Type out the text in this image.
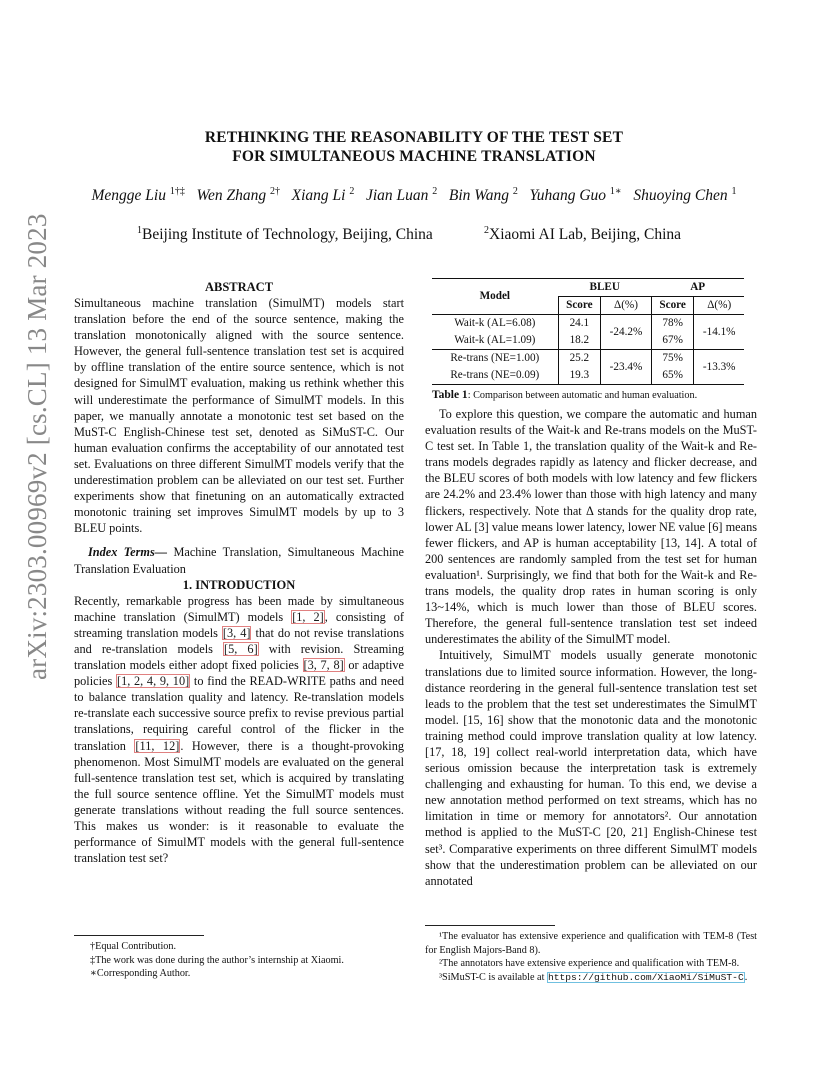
arXiv:2303.00969v2 [cs.CL] 13 Mar 2023
RETHINKING THE REASONABILITY OF THE TEST SET
FOR SIMULTANEOUS MACHINE TRANSLATION
Mengge Liu $^{1\dagger\ddagger}$ Wen Zhang $^{2\dagger}$ Xiang Li $^2$ Jian Luan $^2$ Bin Wang $^2$ Yuhang Guo $^{1∗}$ Shuoying Chen $^1$
$^1$Beijing Institute of Technology, Beijing, China	$^2$Xiaomi AI Lab, Beijing, China

ABSTRACT

Simultaneous machine translation (SimulMT) models start translation before the end of the source sentence, making the translation monotonically aligned with the source sentence. However, the general full-sentence translation test set is acquired by offline translation of the entire source sentence, which is not designed for SimulMT evaluation, making us rethink whether this will underestimate the performance of SimulMT models. In this paper, we manually annotate a monotonic test set based on the MuST-C English-Chinese test set, denoted as SiMuST-C. Our human evaluation confirms the acceptability of our annotated test set. Evaluations on three different SimulMT models verify that the underestimation problem can be alleviated on our test set. Further experiments show that finetuning on an automatically extracted monotonic training set improves SimulMT models by up to 3 BLEU points.

Index Terms— Machine Translation, Simultaneous Machine Translation Evaluation

1. INTRODUCTION

Recently, remarkable progress has been made by simultaneous machine translation (SimulMT) models [1, 2], consisting of streaming translation models [3, 4] that do not revise translations and re-translation models [5, 6] with revision. Streaming translation models either adopt fixed policies [3, 7, 8] or adaptive policies [1, 2, 4, 9, 10] to find the READ-WRITE paths and need to balance translation quality and latency. Re-translation models re-translate each successive source prefix to revise previous partial translations, requiring careful control of the flicker in the translation [11, 12]. However, there is a thought-provoking phenomenon. Most SimulMT models are evaluated on the general full-sentence translation test set, which is acquired by translating the full source sentence offline. Yet the SimulMT models must generate translations without reading the full source sentences. This makes us wonder: is it reasonable to evaluate the performance of SimulMT models with the general full-sentence translation test set?

†Equal Contribution.
‡The work was done during the author’s internship at Xiaomi.
∗Corresponding Author.
Model	BLEU		AP	
	Score	Δ(%)	Score	Δ(%)
Wait-k (AL=6.08)	24.1	-24.2%	78%	-14.1%
Wait-k (AL=1.09)	18.2		67%	
Re-trans (NE=1.00)	25.2	-23.4%	75%	-13.3%
Re-trans (NE=0.09)	19.3		65%	
Table 1: Comparison between automatic and human evaluation.

To explore this question, we compare the automatic and human evaluation results of the Wait-k and Re-trans models on the MuST-C test set. In Table 1, the translation quality of the Wait-k and Re-trans models degrades rapidly as latency and flicker decrease, and the BLEU scores of both models with low latency and few flickers are 24.2% and 23.4% lower than those with high latency and many flickers, respectively. Note that Δ stands for the quality drop rate, lower AL [3] value means lower latency, lower NE value [6] means fewer flickers, and AP is human acceptability [13, 14]. A total of 200 sentences are randomly sampled from the test set for human evaluation¹. Surprisingly, we find that both for the Wait-k and Re-trans models, the quality drop rates in human scoring is only 13~14%, which is much lower than those of BLEU scores. Therefore, the general full-sentence translation test set indeed underestimates the ability of the SimulMT model.

Intuitively, SimulMT models usually generate monotonic translations due to limited source information. However, the long-distance reordering in the general full-sentence translation test set leads to the problem that the test set underestimates the SimulMT model. [15, 16] show that the monotonic data and the monotonic training method could improve translation quality at low latency. [17, 18, 19] collect real-world interpretation data, which have serious omission because the interpretation task is extremely challenging and exhausting for human. To this end, we devise a new annotation method performed on text streams, which has no limitation in time or memory for annotators². Our annotation method is applied to the MuST-C [20, 21] English-Chinese test set³. Comparative experiments on three different SimulMT models show that the underestimation problem can be alleviated on our annotated

¹The evaluator has extensive experience and qualification with TEM-8 (Test for English Majors-Band 8).
²The annotators have extensive experience and qualification with TEM-8.
³SiMuST-C is available at https://github.com/XiaoMi/SiMuST-C.
